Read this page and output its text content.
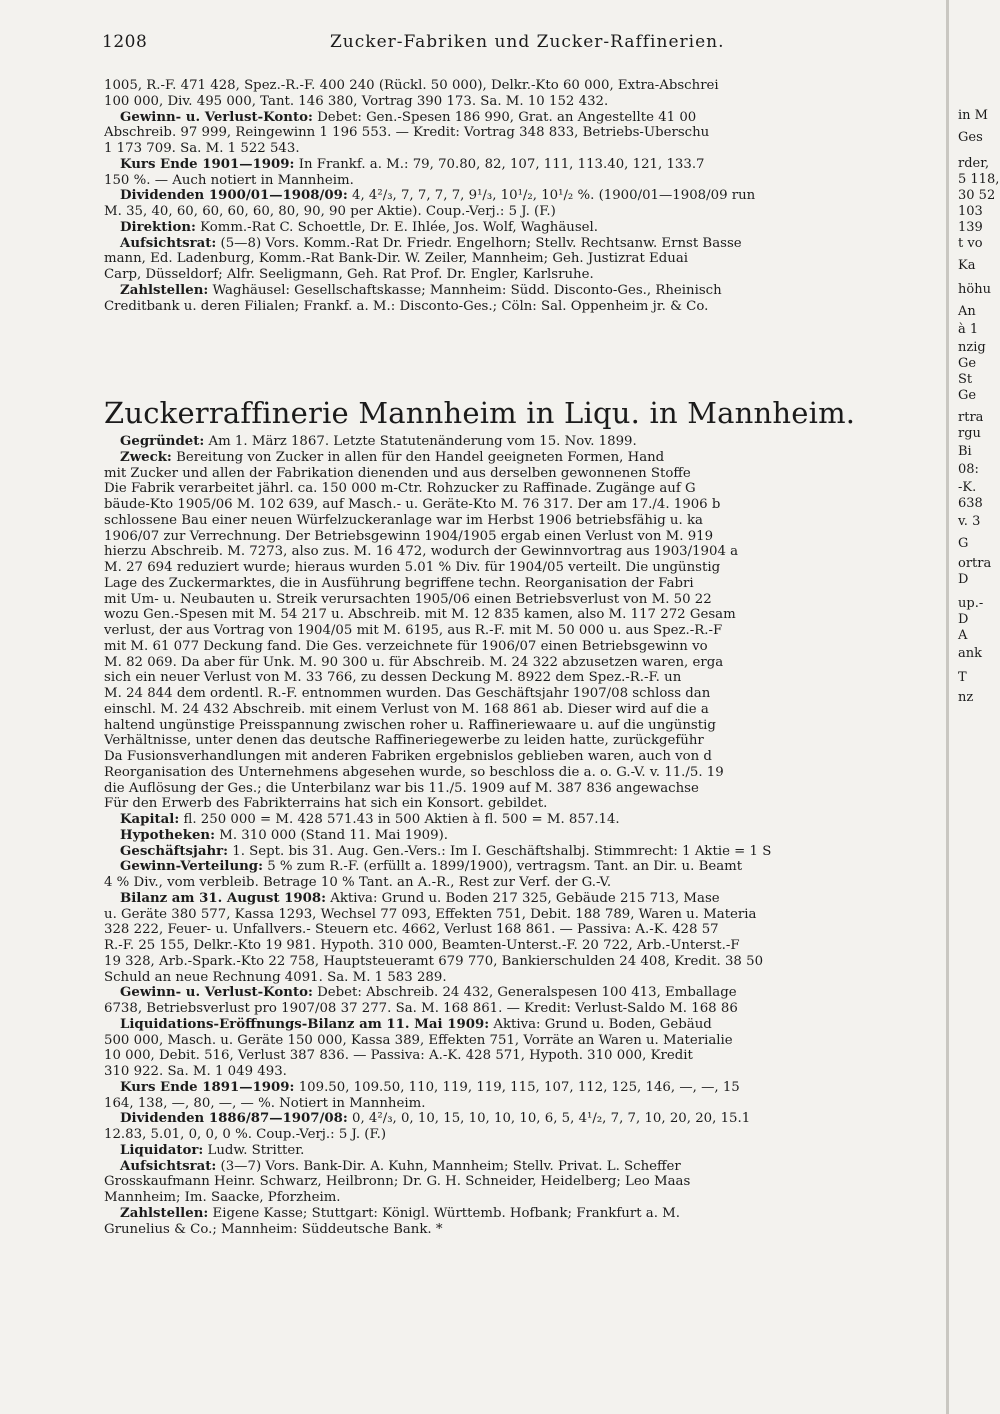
1208	Zucker-Fabriken und Zucker-Raffinerien.

1005, R.-F. 471 428, Spez.-R.-F. 400 240 (Rückl. 50 000), Delkr.-Kto 60 000, Extra-Abschrei

100 000, Div. 495 000, Tant. 146 380, Vortrag 390 173. Sa. M. 10 152 432.

Gewinn- u. Verlust-Konto: Debet: Gen.-Spesen 186 990, Grat. an Angestellte 41 00

Abschreib. 97 999, Reingewinn 1 196 553. — Kredit: Vortrag 348 833, Betriebs-Überschu

1 173 709. Sa. M. 1 522 543.

Kurs Ende 1901—1909: In Frankf. a. M.: 79, 70.80, 82, 107, 111, 113.40, 121, 133.7

150 %. — Auch notiert in Mannheim.

Dividenden 1900/01—1908/09: 4, 4²/₃, 7, 7, 7, 7, 9¹/₃, 10¹/₂, 10¹/₂ %. (1900/01—1908/09 run

M. 35, 40, 60, 60, 60, 60, 80, 90, 90 per Aktie). Coup.-Verj.: 5 J. (F.)

Direktion: Komm.-Rat C. Schoettle, Dr. E. Ihlée, Jos. Wolf, Waghäusel.

Aufsichtsrat: (5—8) Vors. Komm.-Rat Dr. Friedr. Engelhorn; Stellv. Rechtsanw. Ernst Basse

mann, Ed. Ladenburg, Komm.-Rat Bank-Dir. W. Zeiler, Mannheim; Geh. Justizrat Eduai

Carp, Düsseldorf; Alfr. Seeligmann, Geh. Rat Prof. Dr. Engler, Karlsruhe.

Zahlstellen: Waghäusel: Gesellschaftskasse; Mannheim: Südd. Disconto-Ges., Rheinisch

Creditbank u. deren Filialen; Frankf. a. M.: Disconto-Ges.; Cöln: Sal. Oppenheim jr. & Co.

Zuckerraffinerie Mannheim in Liqu. in Mannheim.

Gegründet: Am 1. März 1867. Letzte Statutenänderung vom 15. Nov. 1899.

Zweck: Bereitung von Zucker in allen für den Handel geeigneten Formen, Hand

mit Zucker und allen der Fabrikation dienenden und aus derselben gewonnenen Stoffe

Die Fabrik verarbeitet jährl. ca. 150 000 m-Ctr. Rohzucker zu Raffinade. Zugänge auf G

bäude-Kto 1905/06 M. 102 639, auf Masch.- u. Geräte-Kto M. 76 317. Der am 17./4. 1906 b

schlossene Bau einer neuen Würfelzuckeranlage war im Herbst 1906 betriebsfähig u. ka

1906/07 zur Verrechnung. Der Betriebsgewinn 1904/1905 ergab einen Verlust von M. 919

hierzu Abschreib. M. 7273, also zus. M. 16 472, wodurch der Gewinnvortrag aus 1903/1904 a

M. 27 694 reduziert wurde; hieraus wurden 5.01 % Div. für 1904/05 verteilt. Die ungünstig

Lage des Zuckermarktes, die in Ausführung begriffene techn. Reorganisation der Fabri

mit Um- u. Neubauten u. Streik verursachten 1905/06 einen Betriebsverlust von M. 50 22

wozu Gen.-Spesen mit M. 54 217 u. Abschreib. mit M. 12 835 kamen, also M. 117 272 Gesam

verlust, der aus Vortrag von 1904/05 mit M. 6195, aus R.-F. mit M. 50 000 u. aus Spez.-R.-F

mit M. 61 077 Deckung fand. Die Ges. verzeichnete für 1906/07 einen Betriebsgewinn vo

M. 82 069. Da aber für Unk. M. 90 300 u. für Abschreib. M. 24 322 abzusetzen waren, erga

sich ein neuer Verlust von M. 33 766, zu dessen Deckung M. 8922 dem Spez.-R.-F. un

M. 24 844 dem ordentl. R.-F. entnommen wurden. Das Geschäftsjahr 1907/08 schloss dan

einschl. M. 24 432 Abschreib. mit einem Verlust von M. 168 861 ab. Dieser wird auf die a

haltend ungünstige Preisspannung zwischen roher u. Raffineriewaare u. auf die ungünstig

Verhältnisse, unter denen das deutsche Raffineriegewerbe zu leiden hatte, zurückgeführ

Da Fusionsverhandlungen mit anderen Fabriken ergebnislos geblieben waren, auch von d

Reorganisation des Unternehmens abgesehen wurde, so beschloss die a. o. G.-V. v. 11./5. 19

die Auflösung der Ges.; die Unterbilanz war bis 11./5. 1909 auf M. 387 836 angewachse

Für den Erwerb des Fabrikterrains hat sich ein Konsort. gebildet.

Kapital: fl. 250 000 = M. 428 571.43 in 500 Aktien à fl. 500 = M. 857.14.

Hypotheken: M. 310 000 (Stand 11. Mai 1909).

Geschäftsjahr: 1. Sept. bis 31. Aug. Gen.-Vers.: Im I. Geschäftshalbj. Stimmrecht: 1 Aktie = 1 S

Gewinn-Verteilung: 5 % zum R.-F. (erfüllt a. 1899/1900), vertragsm. Tant. an Dir. u. Beamt

4 % Div., vom verbleib. Betrage 10 % Tant. an A.-R., Rest zur Verf. der G.-V.

Bilanz am 31. August 1908: Aktiva: Grund u. Boden 217 325, Gebäude 215 713, Mase

u. Geräte 380 577, Kassa 1293, Wechsel 77 093, Effekten 751, Debit. 188 789, Waren u. Materia

328 222, Feuer- u. Unfallvers.- Steuern etc. 4662, Verlust 168 861. — Passiva: A.-K. 428 57

R.-F. 25 155, Delkr.-Kto 19 981. Hypoth. 310 000, Beamten-Unterst.-F. 20 722, Arb.-Unterst.-F

19 328, Arb.-Spark.-Kto 22 758, Hauptsteueramt 679 770, Bankierschulden 24 408, Kredit. 38 50

Schuld an neue Rechnung 4091. Sa. M. 1 583 289.

Gewinn- u. Verlust-Konto: Debet: Abschreib. 24 432, Generalspesen 100 413, Emballage

6738, Betriebsverlust pro 1907/08 37 277. Sa. M. 168 861. — Kredit: Verlust-Saldo M. 168 86

Liquidations-Eröffnungs-Bilanz am 11. Mai 1909: Aktiva: Grund u. Boden, Gebäud

500 000, Masch. u. Geräte 150 000, Kassa 389, Effekten 751, Vorräte an Waren u. Materialie

10 000, Debit. 516, Verlust 387 836. — Passiva: A.-K. 428 571, Hypoth. 310 000, Kredit

310 922. Sa. M. 1 049 493.

Kurs Ende 1891—1909: 109.50, 109.50, 110, 119, 119, 115, 107, 112, 125, 146, —, —, 15

164, 138, —, 80, —, — %. Notiert in Mannheim.

Dividenden 1886/87—1907/08: 0, 4²/₃, 0, 10, 15, 10, 10, 10, 6, 5, 4¹/₂, 7, 7, 10, 20, 20, 15.1

12.83, 5.01, 0, 0, 0 %. Coup.-Verj.: 5 J. (F.)

Liquidator: Ludw. Stritter.

Aufsichtsrat: (3—7) Vors. Bank-Dir. A. Kuhn, Mannheim; Stellv. Privat. L. Scheffer

Grosskaufmann Heinr. Schwarz, Heilbronn; Dr. G. H. Schneider, Heidelberg; Leo Maas

Mannheim; Im. Saacke, Pforzheim.

Zahlstellen: Eigene Kasse; Stuttgart: Königl. Württemb. Hofbank; Frankfurt a. M.

Grunelius & Co.; Mannheim: Süddeutsche Bank. *

in M
Ges
rder,
5 118,
30 52
103
139
t vo
Ka
höhu
An
à 1
nzig
Ge
St
Ge
rtra
rgu
Bi
08:
-K.
638
v. 3
G
ortra
D
up.-
D
A
ank
T
nz
